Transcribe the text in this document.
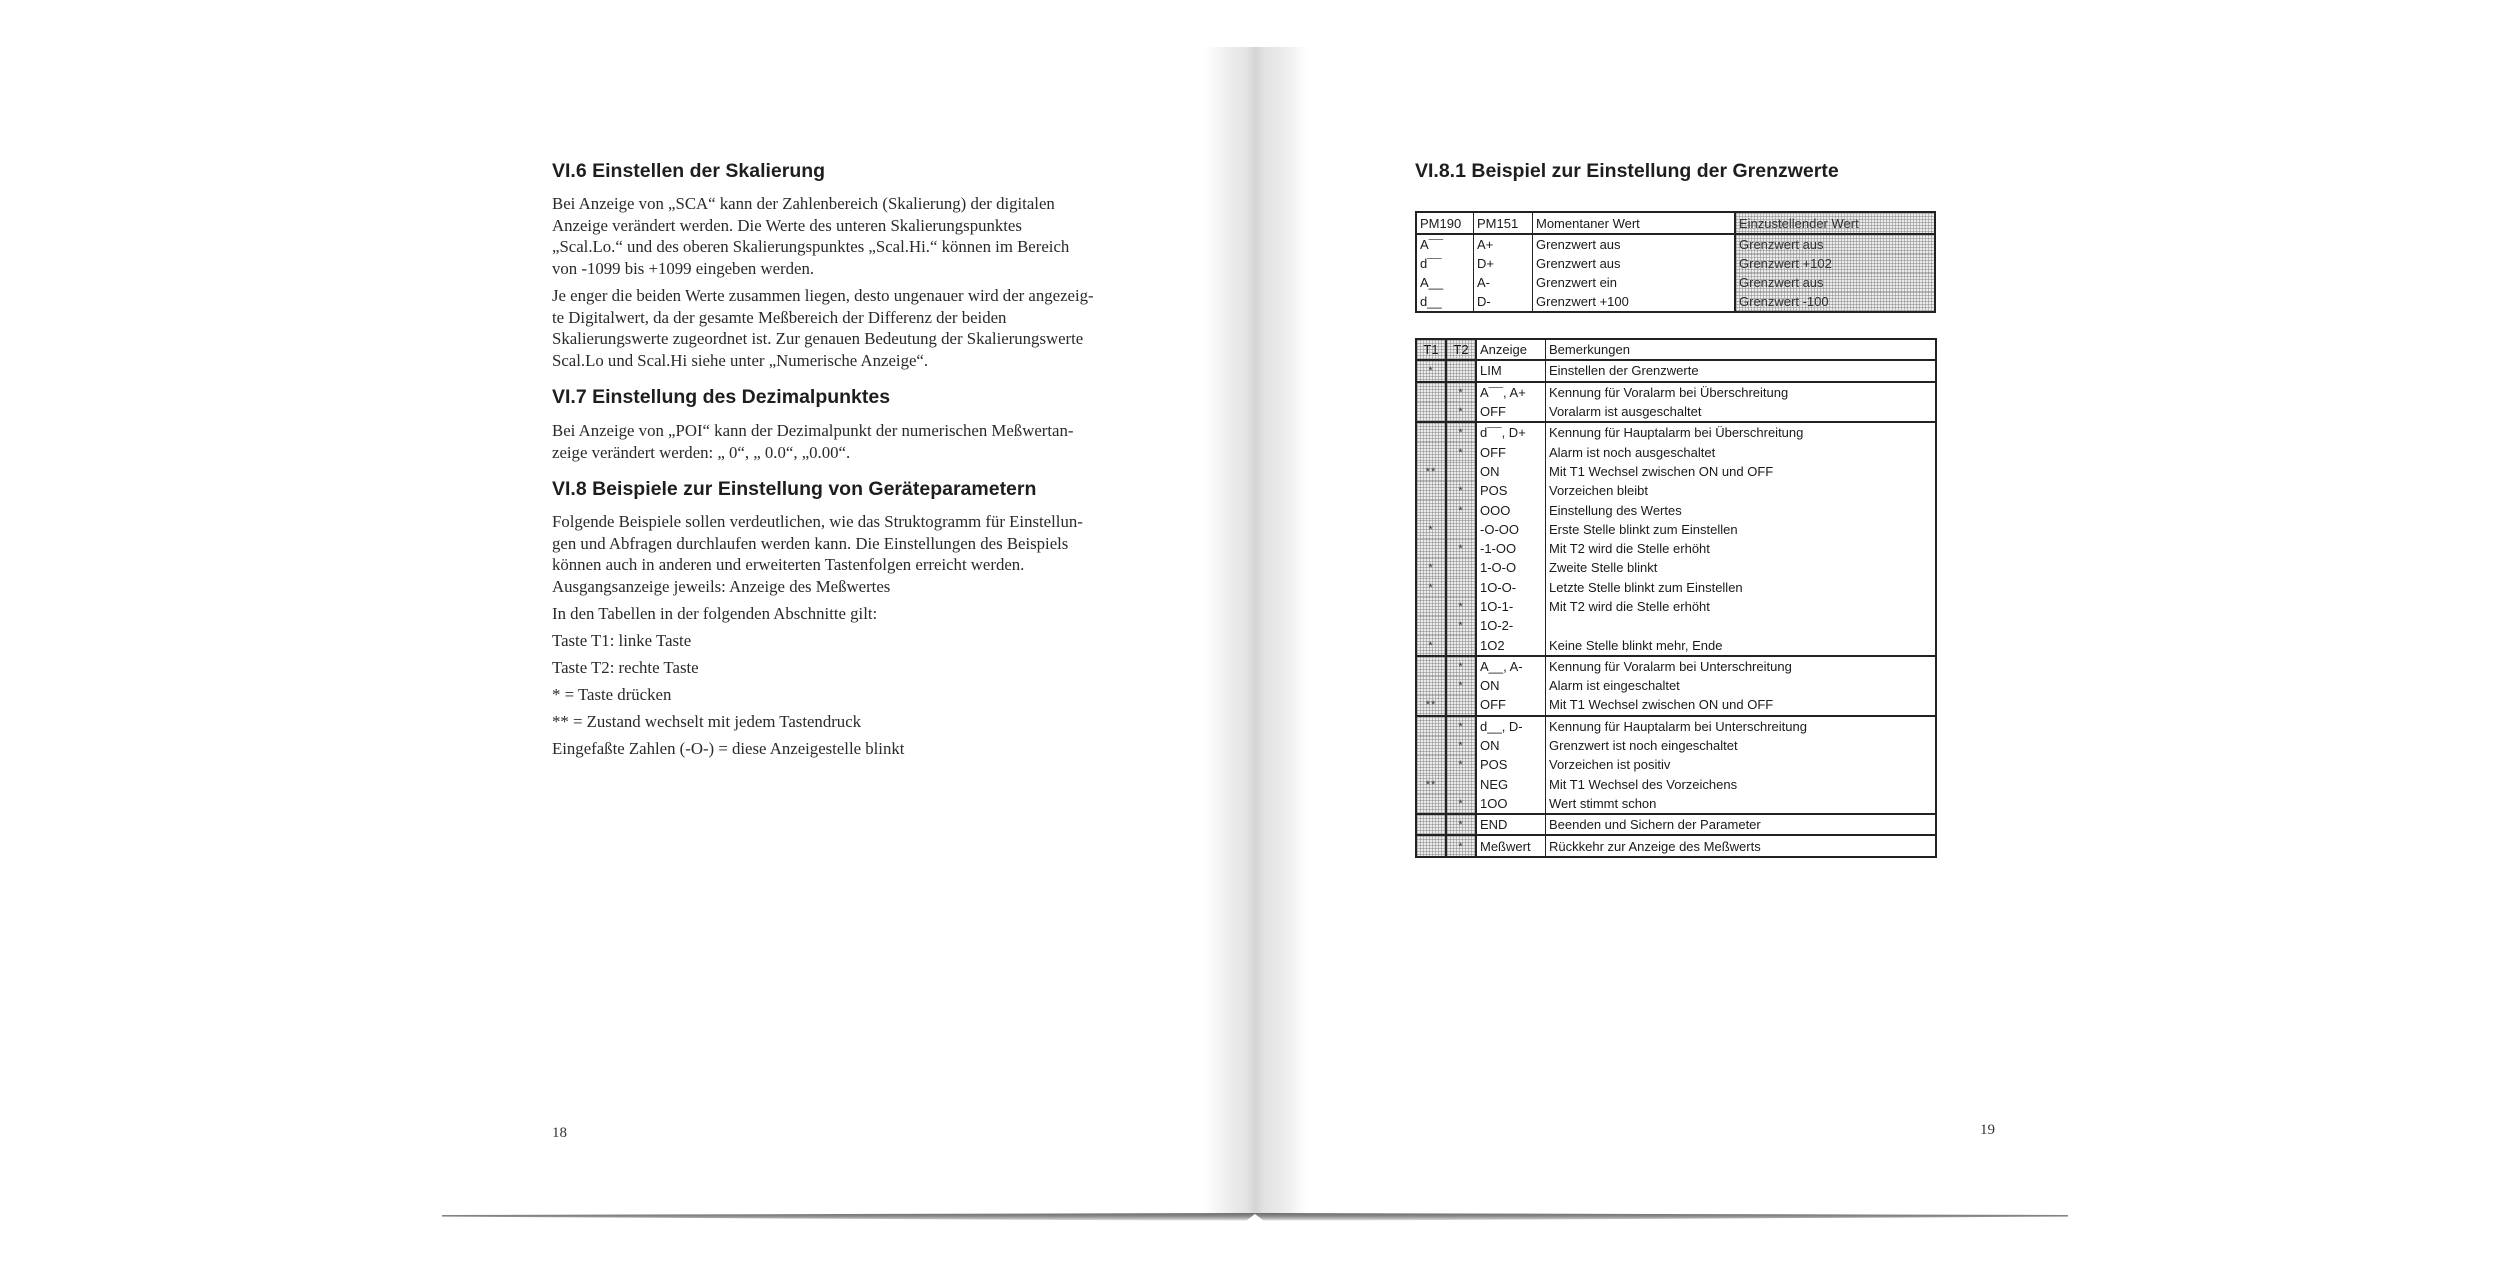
VI.6 Einstellen der Skalierung
Bei Anzeige von „SCA“ kann der Zahlenbereich (Skalierung) der digitalen
Anzeige verändert werden. Die Werte des unteren Skalierungspunktes
„Scal.Lo.“ und des oberen Skalierungspunktes „Scal.Hi.“ können im Bereich
von -1099 bis +1099 eingeben werden.
Je enger die beiden Werte zusammen liegen, desto ungenauer wird der angezeig-
te Digitalwert, da der gesamte Meßbereich der Differenz der beiden
Skalierungswerte zugeordnet ist. Zur genauen Bedeutung der Skalierungswerte
Scal.Lo und Scal.Hi siehe unter „Numerische Anzeige“.
VI.7 Einstellung des Dezimalpunktes
Bei Anzeige von „POI“ kann der Dezimalpunkt der numerischen Meßwertan-
zeige verändert werden: „ 0“, „ 0.0“, „0.00“.
VI.8 Beispiele zur Einstellung von Geräteparametern
Folgende Beispiele sollen verdeutlichen, wie das Struktogramm für Einstellun-
gen und Abfragen durchlaufen werden kann. Die Einstellungen des Beispiels
können auch in anderen und erweiterten Tastenfolgen erreicht werden.
Ausgangsanzeige jeweils: Anzeige des Meßwertes
In den Tabellen in der folgenden Abschnitte gilt:
Taste T1: linke Taste
Taste T2: rechte Taste
* = Taste drücken
** = Zustand wechselt mit jedem Tastendruck
Eingefaßte Zahlen (-O-) = diese Anzeigestelle blinkt
18
VI.8.1 Beispiel zur Einstellung der Grenzwerte
PM190	PM151	Momentaner Wert	Einzustellender Wert
A¯¯	A+	Grenzwert aus	Grenzwert aus
d¯¯	D+	Grenzwert aus	Grenzwert +102
A__	A-	Grenzwert ein	Grenzwert aus
d__	D-	Grenzwert +100	Grenzwert -100
T1	T2	Anzeige	Bemerkungen
*		LIM	Einstellen der Grenzwerte
	*	A¯¯, A+	Kennung für Voralarm bei Überschreitung
	*	OFF	Voralarm ist ausgeschaltet
	*	d¯¯, D+	Kennung für Hauptalarm bei Überschreitung
	*	OFF	Alarm ist noch ausgeschaltet
**		ON	Mit T1 Wechsel zwischen ON und OFF
	*	POS	Vorzeichen bleibt
	*	OOO	Einstellung des Wertes
*		-O-OO	Erste Stelle blinkt zum Einstellen
	*	-1-OO	Mit T2 wird die Stelle erhöht
*		1-O-O	Zweite Stelle blinkt
*		1O-O-	Letzte Stelle blinkt zum Einstellen
	*	1O-1-	Mit T2 wird die Stelle erhöht
	*	1O-2-	
*		1O2	Keine Stelle blinkt mehr, Ende
	*	A__, A-	Kennung für Voralarm bei Unterschreitung
	*	ON	Alarm ist eingeschaltet
**		OFF	Mit T1 Wechsel zwischen ON und OFF
	*	d__, D-	Kennung für Hauptalarm bei Unterschreitung
	*	ON	Grenzwert ist noch eingeschaltet
	*	POS	Vorzeichen ist positiv
**		NEG	Mit T1 Wechsel des Vorzeichens
	*	1OO	Wert stimmt schon
	*	END	Beenden und Sichern der Parameter
	*	Meßwert	Rückkehr zur Anzeige des Meßwerts
19
